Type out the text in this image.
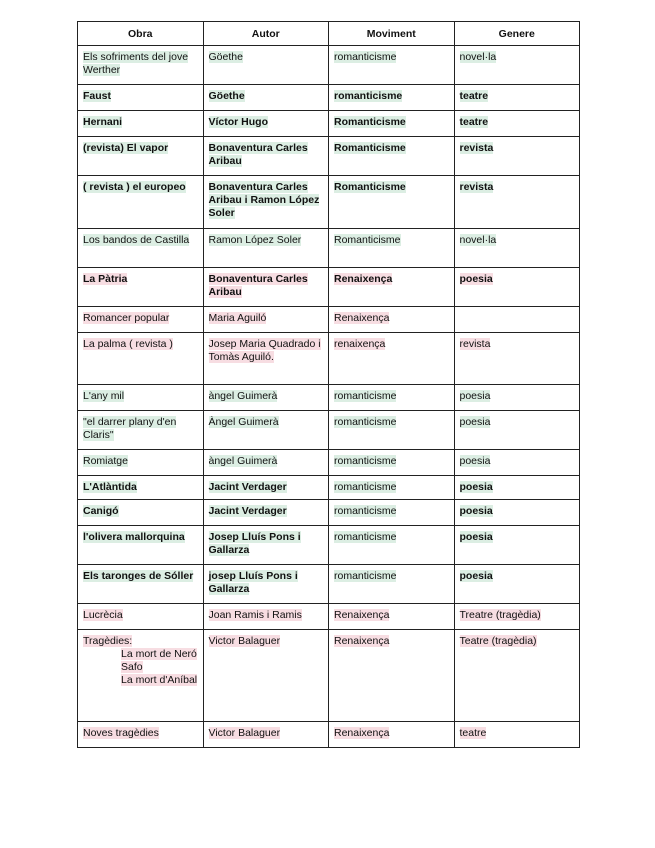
Obra	Autor	Moviment	Genere
Els sofriments del jove Werther	Göethe	romanticisme	novel·la
Faust	Göethe	romanticisme	teatre
Hernani	Víctor Hugo	Romanticisme	teatre
(revista) El vapor	Bonaventura Carles Aribau	Romanticisme	revista
( revista ) el europeo	Bonaventura Carles Aribau i Ramon López Soler	Romanticisme	revista
Los bandos de Castilla	Ramon López Soler	Romanticisme	novel·la
La Pàtria	Bonaventura Carles Aribau	Renaixença	poesia
Romancer popular	Maria Aguiló	Renaixença	
La palma ( revista )	Josep Maria Quadrado i Tomàs Aguiló.	renaixença	revista
L'any mil	àngel Guimerà	romanticisme	poesia
"el darrer plany d'en Claris"	Àngel Guimerà	romanticisme	poesia
Romiatge	àngel Guimerà	romanticisme	poesia
L'Atlàntida	Jacint Verdager	romanticisme	poesia
Canigó	Jacint Verdager	romanticisme	poesia
l'olivera mallorquina	Josep Lluís Pons i Gallarza	romanticisme	poesia
Els taronges de Sóller	josep Lluís Pons i Gallarza	romanticisme	poesia
Lucrècia	Joan Ramis i Ramis	Renaixença	Treatre (tragèdia)
Tragèdies:
La mort de Neró
Safo
La mort d'Aníbal	Victor Balaguer	Renaixença	Teatre (tragèdia)
Noves tragèdies	Victor Balaguer	Renaixença	teatre
